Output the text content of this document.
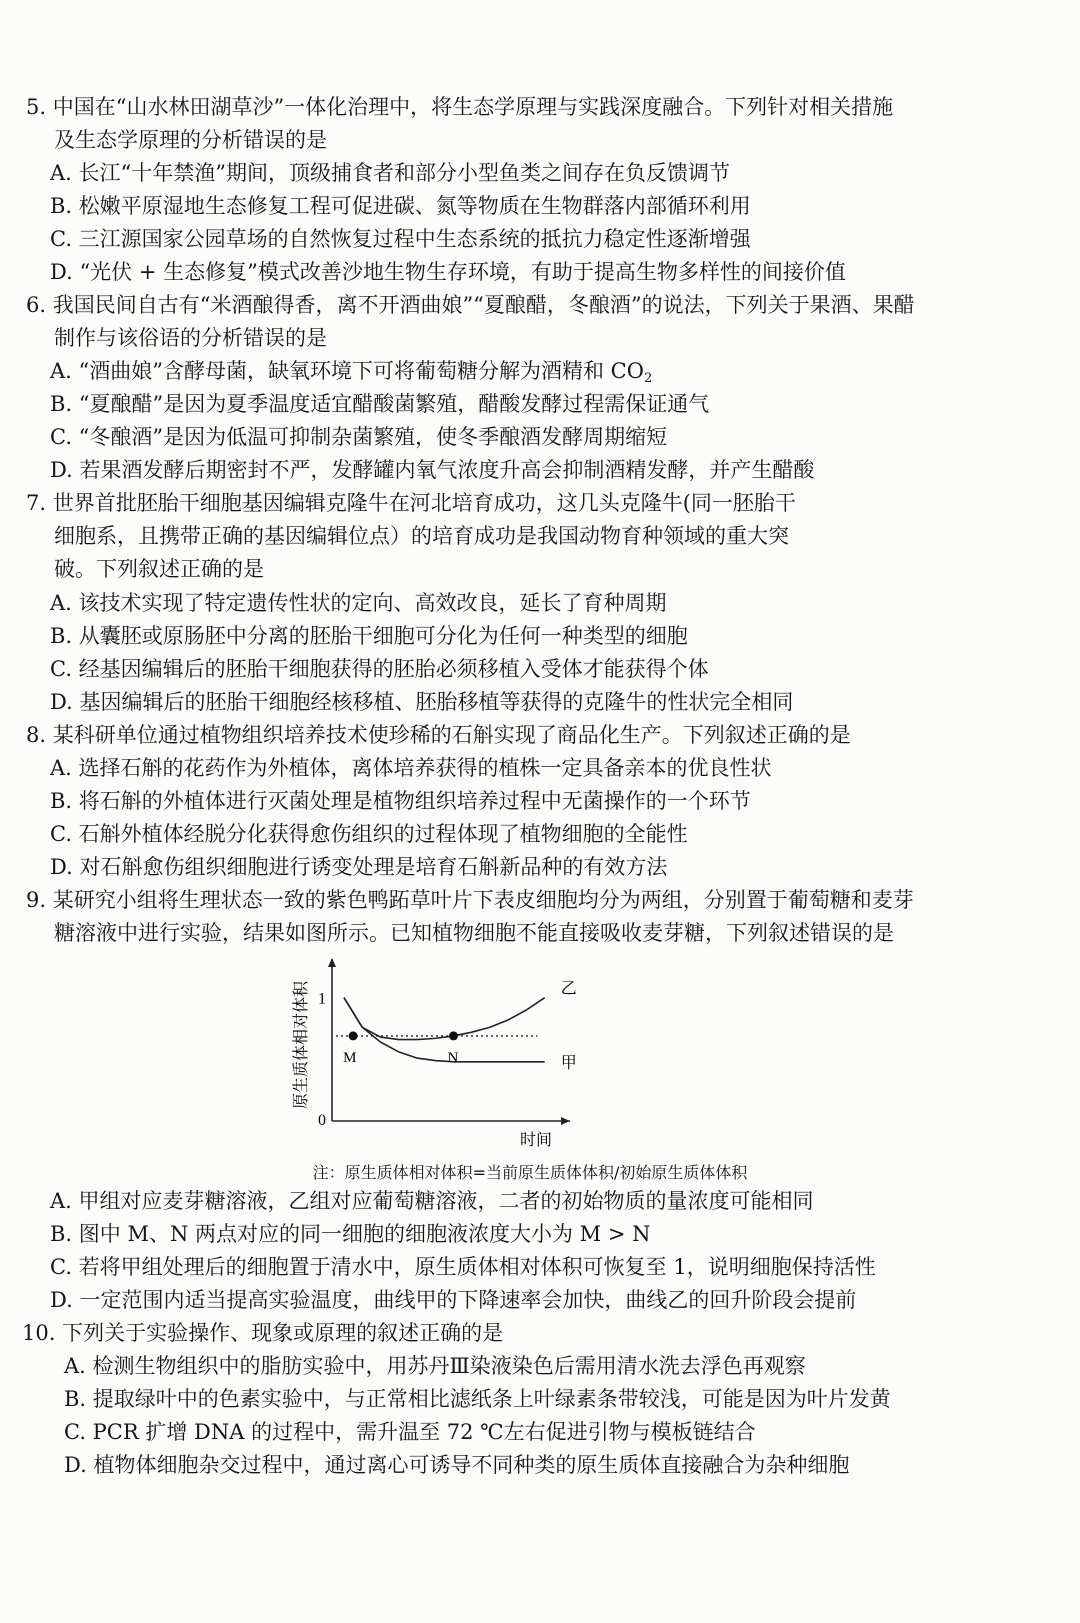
5. 中国在“山水林田湖草沙”一体化治理中，将生态学原理与实践深度融合。下列针对相关措施
及生态学原理的分析错误的是
A. 长江“十年禁渔”期间，顶级捕食者和部分小型鱼类之间存在负反馈调节
B. 松嫩平原湿地生态修复工程可促进碳、氮等物质在生物群落内部循环利用
C. 三江源国家公园草场的自然恢复过程中生态系统的抵抗力稳定性逐渐增强
D. “光伏 + 生态修复”模式改善沙地生物生存环境，有助于提高生物多样性的间接价值
6. 我国民间自古有“米酒酿得香，离不开酒曲娘”“夏酿醋，冬酿酒”的说法，下列关于果酒、果醋
制作与该俗语的分析错误的是
A. “酒曲娘”含酵母菌，缺氧环境下可将葡萄糖分解为酒精和 $CO_2$
B. “夏酿醋”是因为夏季温度适宜醋酸菌繁殖，醋酸发酵过程需保证通气
C. “冬酿酒”是因为低温可抑制杂菌繁殖，使冬季酿酒发酵周期缩短
D. 若果酒发酵后期密封不严，发酵罐内氧气浓度升高会抑制酒精发酵，并产生醋酸
7. 世界首批胚胎干细胞基因编辑克隆牛在河北培育成功，这几头克隆牛(同一胚胎干
细胞系，且携带正确的基因编辑位点）的培育成功是我国动物育种领域的重大突
破。下列叙述正确的是
A. 该技术实现了特定遗传性状的定向、高效改良，延长了育种周期
B. 从囊胚或原肠胚中分离的胚胎干细胞可分化为任何一种类型的细胞
C. 经基因编辑后的胚胎干细胞获得的胚胎必须移植入受体才能获得个体
D. 基因编辑后的胚胎干细胞经核移植、胚胎移植等获得的克隆牛的性状完全相同
8. 某科研单位通过植物组织培养技术使珍稀的石斛实现了商品化生产。下列叙述正确的是
A. 选择石斛的花药作为外植体，离体培养获得的植株一定具备亲本的优良性状
B. 将石斛的外植体进行灭菌处理是植物组织培养过程中无菌操作的一个环节
C. 石斛外植体经脱分化获得愈伤组织的过程体现了植物细胞的全能性
D. 对石斛愈伤组织细胞进行诱变处理是培育石斛新品种的有效方法
9. 某研究小组将生理状态一致的紫色鸭跖草叶片下表皮细胞均分为两组，分别置于葡萄糖和麦芽
糖溶液中进行实验，结果如图所示。已知植物细胞不能直接吸收麦芽糖，下列叙述错误的是
0
1
原生质体相对体积
时间
甲
乙
M	N
注：原生质体相对体积=当前原生质体体积/初始原生质体体积
A. 甲组对应麦芽糖溶液，乙组对应葡萄糖溶液，二者的初始物质的量浓度可能相同
B. 图中 M、N 两点对应的同一细胞的细胞液浓度大小为 M > N
C. 若将甲组处理后的细胞置于清水中，原生质体相对体积可恢复至 1，说明细胞保持活性
D. 一定范围内适当提高实验温度，曲线甲的下降速率会加快，曲线乙的回升阶段会提前
10. 下列关于实验操作、现象或原理的叙述正确的是
A. 检测生物组织中的脂肪实验中，用苏丹Ⅲ染液染色后需用清水洗去浮色再观察
B. 提取绿叶中的色素实验中，与正常相比滤纸条上叶绿素条带较浅，可能是因为叶片发黄
C. PCR 扩增 DNA 的过程中，需升温至 72 ℃左右促进引物与模板链结合
D. 植物体细胞杂交过程中，通过离心可诱导不同种类的原生质体直接融合为杂种细胞
